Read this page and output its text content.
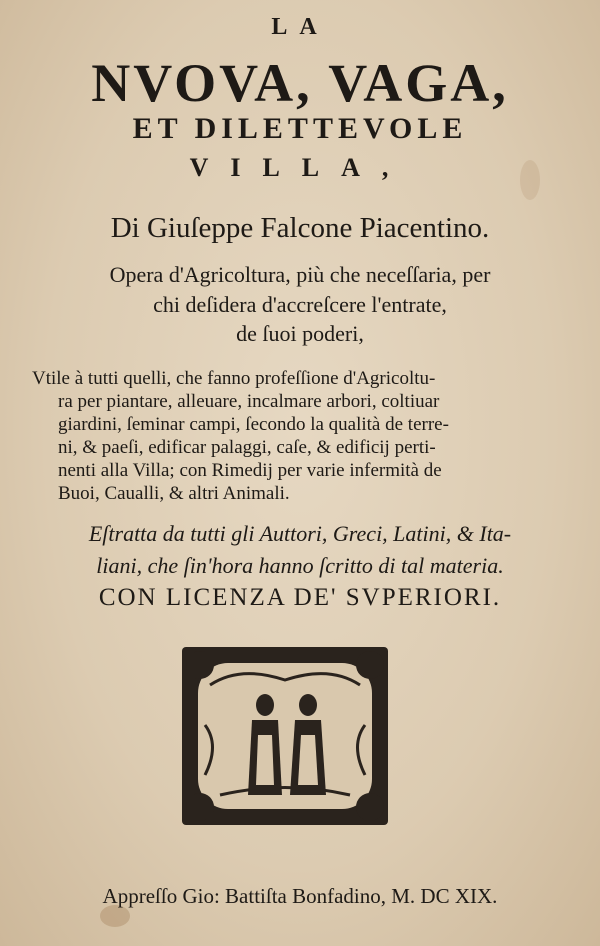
LA
NVOVA, VAGA,
ET DILETTEVOLE
VILLA,
Di Giuſeppe Falcone Piacentino.
Opera d'Agricoltura, più che neceſſaria, per
chi deſidera d'accreſcere l'entrate,
de ſuoi poderi,
Vtile à tutti quelli, che fanno profeſſione d'Agricoltu-
ra per piantare, alleuare, incalmare arbori, coltiuar
giardini, ſeminar campi, ſecondo la qualità de terre-
ni, & paeſi, edificar palaggi, caſe, & edificij perti-
nenti alla Villa; con Rimedij per varie infermità de
Buoi, Caualli, & altri Animali.
Eſtratta da tutti gli Auttori, Greci, Latini, & Ita-
liani, che ſin'hora hanno ſcritto di tal materia.
CON LICENZA DE' SVPERIORI.
Appreſſo Gio: Battiſta Bonfadino, M. DC XIX.
